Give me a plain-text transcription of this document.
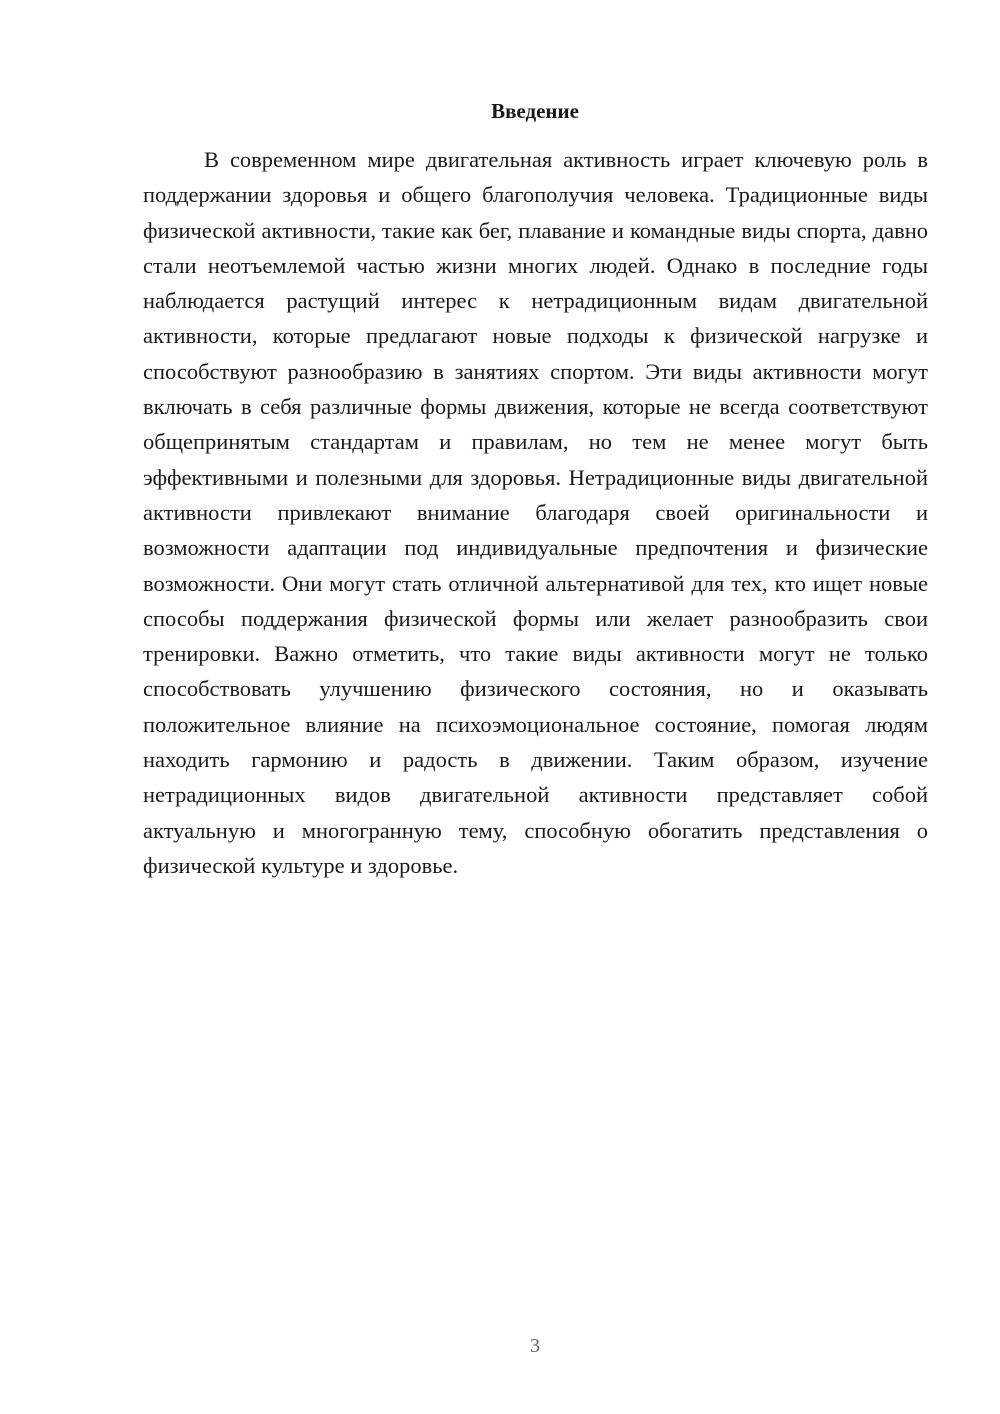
Введение

В современном мире двигательная активность играет ключевую роль в поддержании здоровья и общего благополучия человека. Традиционные виды физической активности, такие как бег, плавание и командные виды спорта, давно стали неотъемлемой частью жизни многих людей. Однако в последние годы наблюдается растущий интерес к нетрадиционным видам двигательной активности, которые предлагают новые подходы к физической нагрузке и способствуют разнообразию в занятиях спортом. Эти виды активности могут включать в себя различные формы движения, которые не всегда соответствуют общепринятым стандартам и правилам, но тем не менее могут быть эффективными и полезными для здоровья. Нетрадиционные виды двигательной активности привлекают внимание благодаря своей оригинальности и возможности адаптации под индивидуальные предпочтения и физические возможности. Они могут стать отличной альтернативой для тех, кто ищет новые способы поддержания физической формы или желает разнообразить свои тренировки. Важно отметить, что такие виды активности могут не только способствовать улучшению физического состояния, но и оказывать положительное влияние на психоэмоциональное состояние, помогая людям находить гармонию и радость в движении. Таким образом, изучение нетрадиционных видов двигательной активности представляет собой актуальную и многогранную тему, способную обогатить представления о физической культуре и здоровье.

3
